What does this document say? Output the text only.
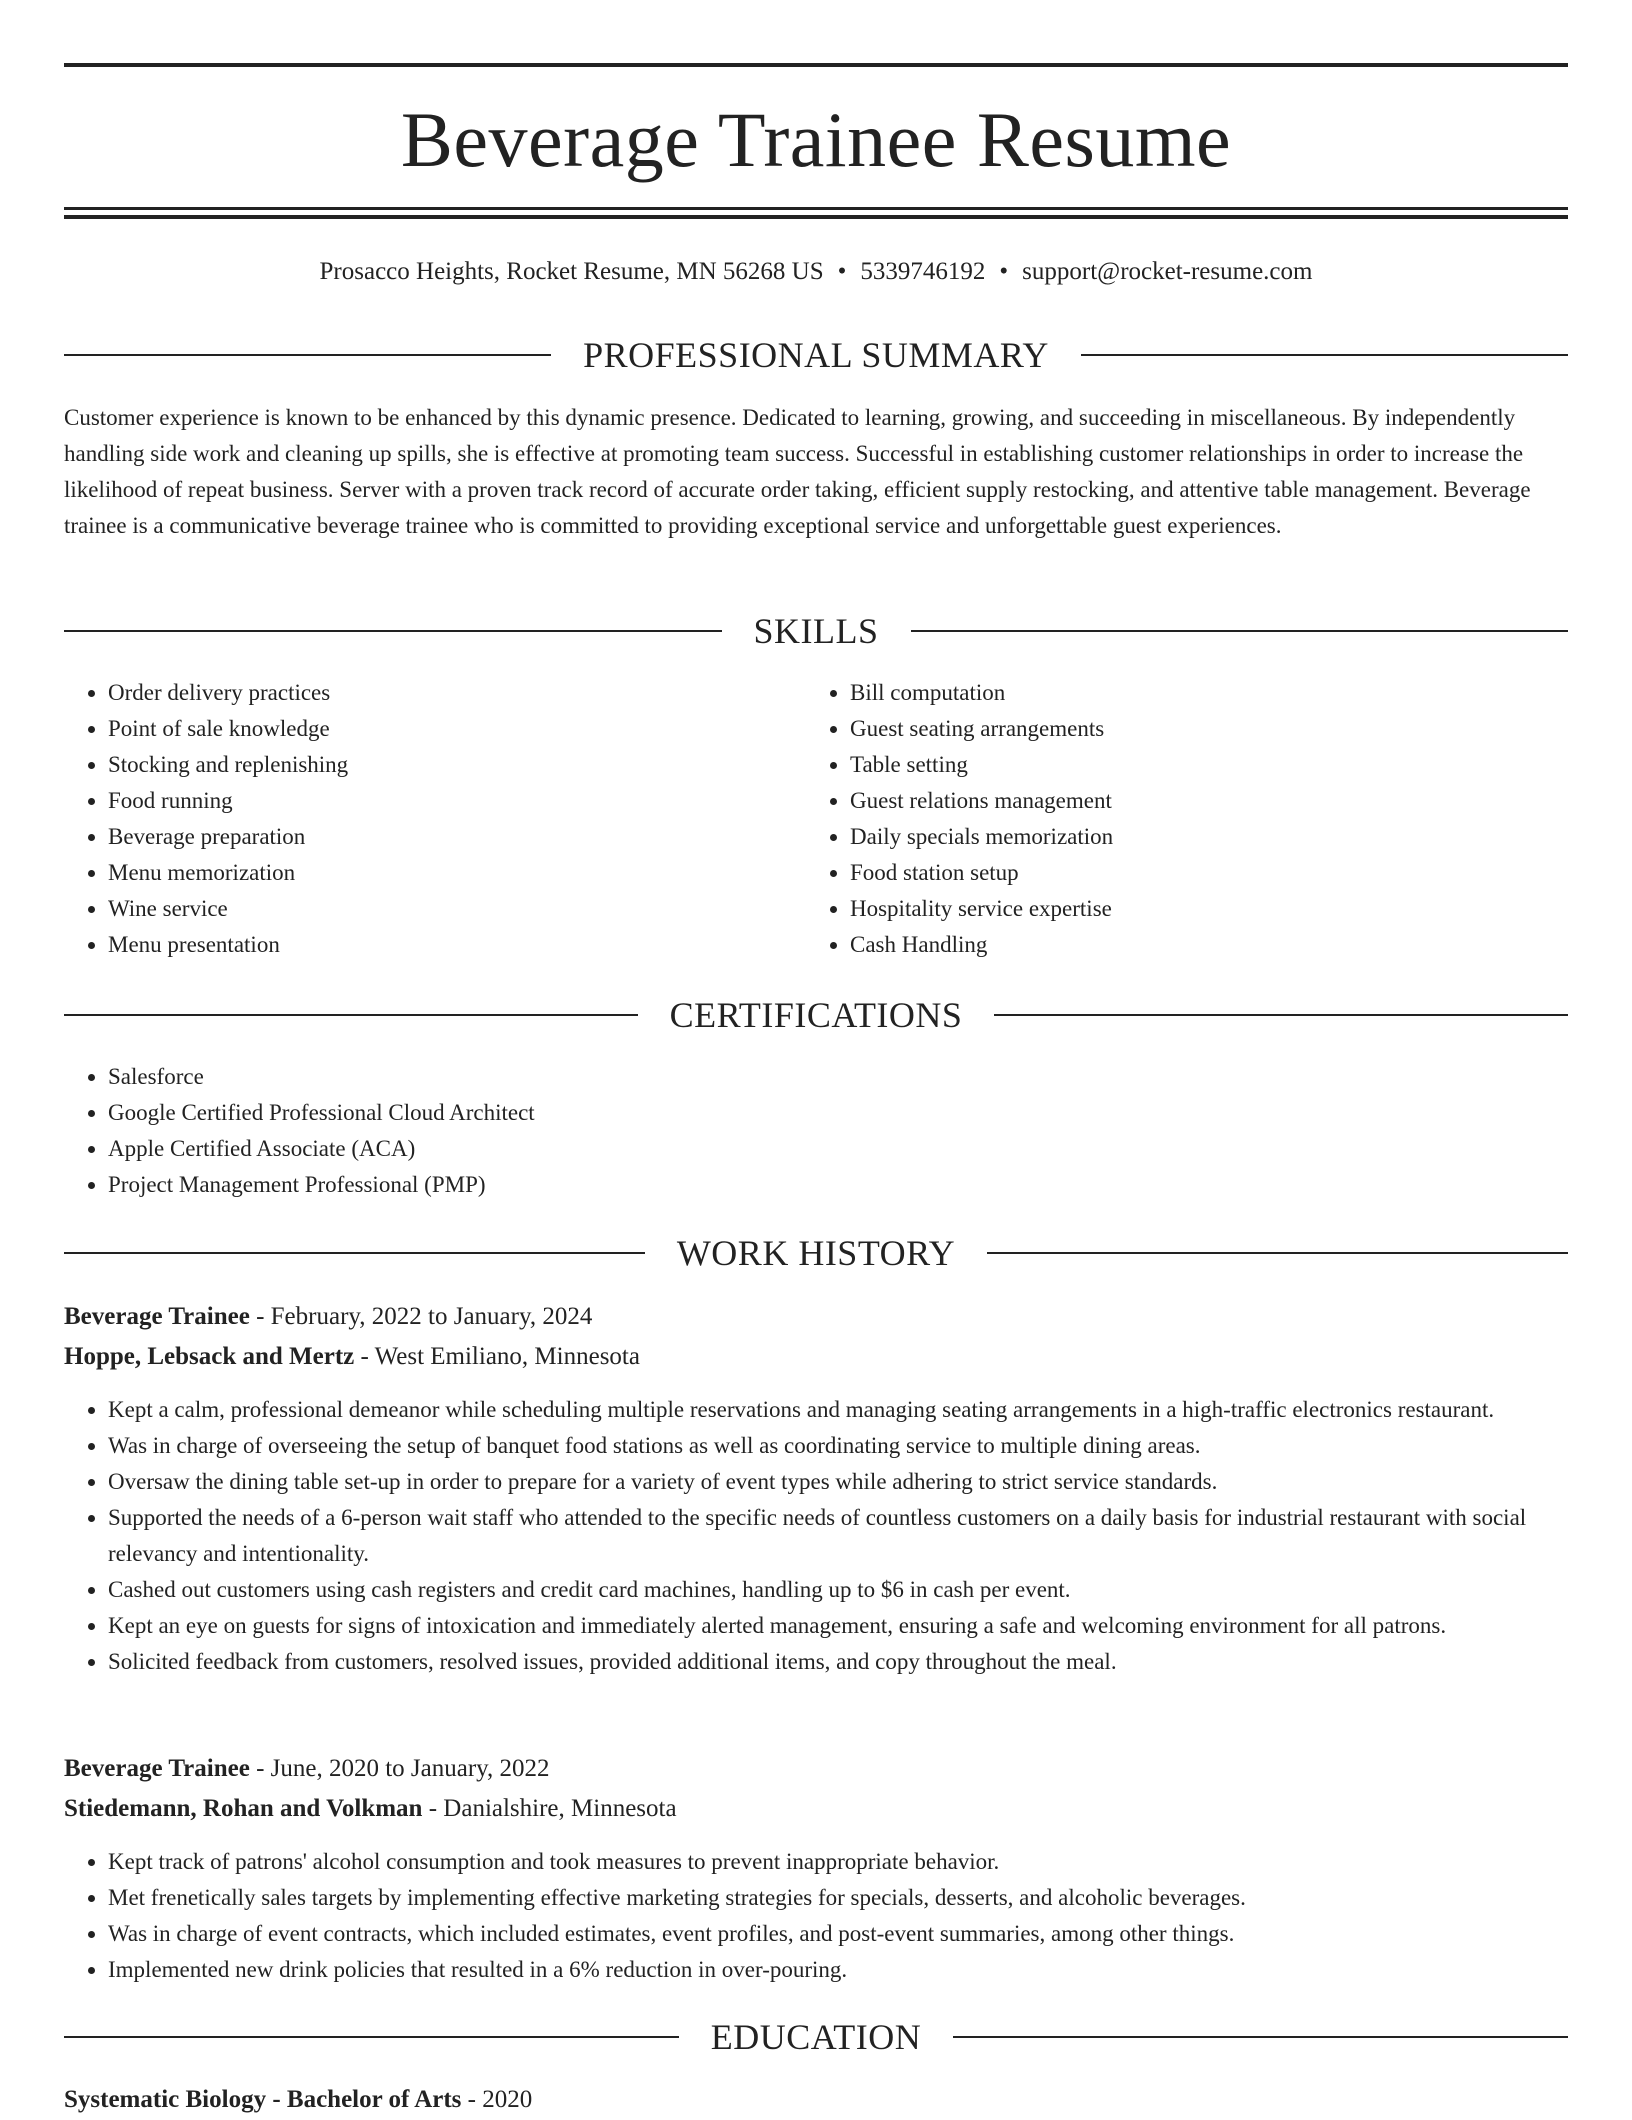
Beverage Trainee Resume
Prosacco Heights, Rocket Resume, MN 56268 US • 5339746192 • support@rocket-resume.com
PROFESSIONAL SUMMARY

Customer experience is known to be enhanced by this dynamic presence. Dedicated to learning, growing, and succeeding in miscellaneous. By independently handling side work and cleaning up spills, she is effective at promoting team success. Successful in establishing customer relationships in order to increase the likelihood of repeat business. Server with a proven track record of accurate order taking, efficient supply restocking, and attentive table management. Beverage trainee is a communicative beverage trainee who is committed to providing exceptional service and unforgettable guest experiences.

SKILLS
• Order delivery practices
• Point of sale knowledge
• Stocking and replenishing
• Food running
• Beverage preparation
• Menu memorization
• Wine service
• Menu presentation
• Bill computation
• Guest seating arrangements
• Table setting
• Guest relations management
• Daily specials memorization
• Food station setup
• Hospitality service expertise
• Cash Handling
CERTIFICATIONS
• Salesforce
• Google Certified Professional Cloud Architect
• Apple Certified Associate (ACA)
• Project Management Professional (PMP)
WORK HISTORY
Beverage Trainee - February, 2022 to January, 2024
Hoppe, Lebsack and Mertz - West Emiliano, Minnesota
• Kept a calm, professional demeanor while scheduling multiple reservations and managing seating arrangements in a high-traffic electronics restaurant.
• Was in charge of overseeing the setup of banquet food stations as well as coordinating service to multiple dining areas.
• Oversaw the dining table set-up in order to prepare for a variety of event types while adhering to strict service standards.
• Supported the needs of a 6-person wait staff who attended to the specific needs of countless customers on a daily basis for industrial restaurant with social relevancy and intentionality.
• Cashed out customers using cash registers and credit card machines, handling up to $6 in cash per event.
• Kept an eye on guests for signs of intoxication and immediately alerted management, ensuring a safe and welcoming environment for all patrons.
• Solicited feedback from customers, resolved issues, provided additional items, and copy throughout the meal.
Beverage Trainee - June, 2020 to January, 2022
Stiedemann, Rohan and Volkman - Danialshire, Minnesota
• Kept track of patrons' alcohol consumption and took measures to prevent inappropriate behavior.
• Met frenetically sales targets by implementing effective marketing strategies for specials, desserts, and alcoholic beverages.
• Was in charge of event contracts, which included estimates, event profiles, and post-event summaries, among other things.
• Implemented new drink policies that resulted in a 6% reduction in over-pouring.
EDUCATION
Systematic Biology - Bachelor of Arts - 2020
